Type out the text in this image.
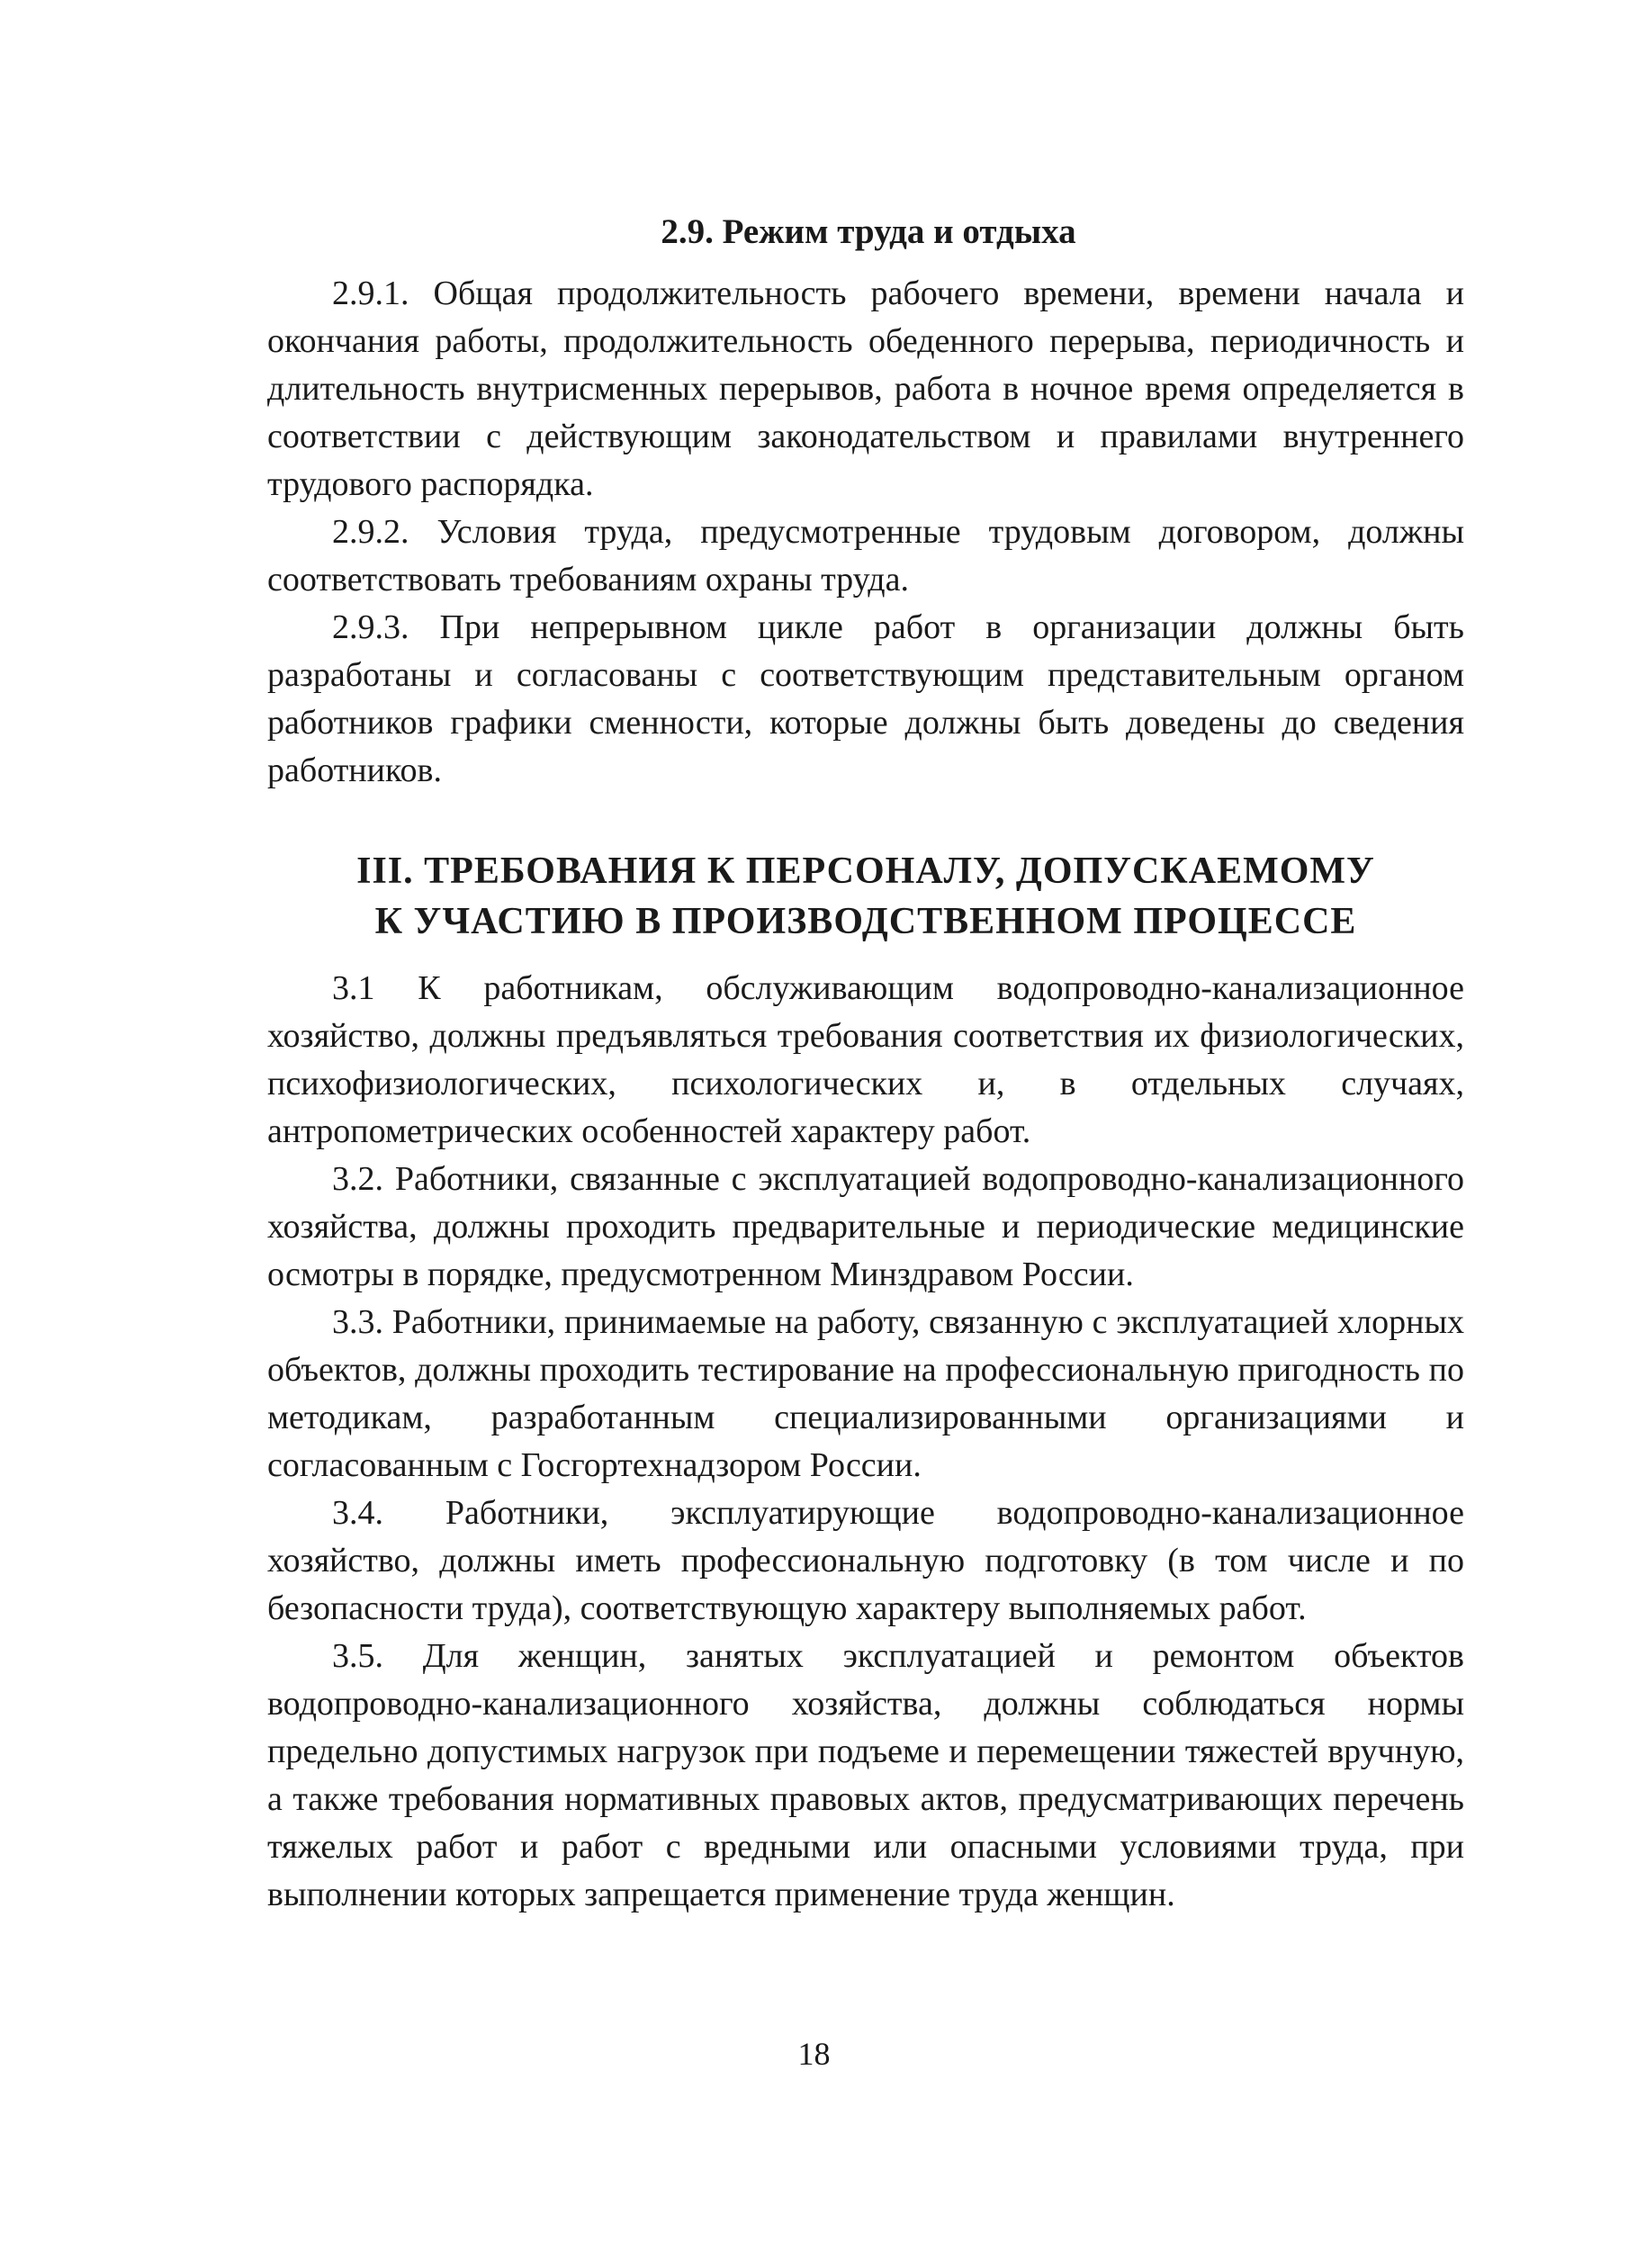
2.9. Режим труда и отдыха

2.9.1. Общая продолжительность рабочего времени, времени начала и окончания работы, продолжительность обеденного перерыва, периодичность и длительность внутрисменных перерывов, работа в ночное время определяется в соответствии с действующим законодательством и правилами внутреннего трудового распорядка.

2.9.2. Условия труда, предусмотренные трудовым договором, должны соответствовать требованиям охраны труда.

2.9.3. При непрерывном цикле работ в организации должны быть разработаны и согласованы с соответствующим представительным органом работников графики сменности, которые должны быть доведены до сведения работников.

III. ТРЕБОВАНИЯ К ПЕРСОНАЛУ, ДОПУСКАЕМОМУ
К УЧАСТИЮ В ПРОИЗВОДСТВЕННОМ ПРОЦЕССЕ

3.1 К работникам, обслуживающим водопроводно-канализационное хозяйство, должны предъявляться требования соответствия их физиологических, психофизиологических, психологических и, в отдельных случаях, антропометрических особенностей характеру работ.

3.2. Работники, связанные с эксплуатацией водопроводно-канализационного хозяйства, должны проходить предварительные и периодические медицинские осмотры в порядке, предусмотренном Минздравом России.

3.3. Работники, принимаемые на работу, связанную с эксплуатацией хлорных объектов, должны проходить тестирование на профессиональную пригодность по методикам, разработанным специализированными организациями и согласованным с Госгортехнадзором России.

3.4. Работники, эксплуатирующие водопроводно-канализационное хозяйство, должны иметь профессиональную подготовку (в том числе и по безопасности труда), соответствующую характеру выполняемых работ.

3.5. Для женщин, занятых эксплуатацией и ремонтом объектов водопроводно-канализационного хозяйства, должны соблюдаться нормы предельно допустимых нагрузок при подъеме и перемещении тяжестей вручную, а также требования нормативных правовых актов, предусматривающих перечень тяжелых работ и работ с вредными или опасными условиями труда, при выполнении которых запрещается применение труда женщин.

18
